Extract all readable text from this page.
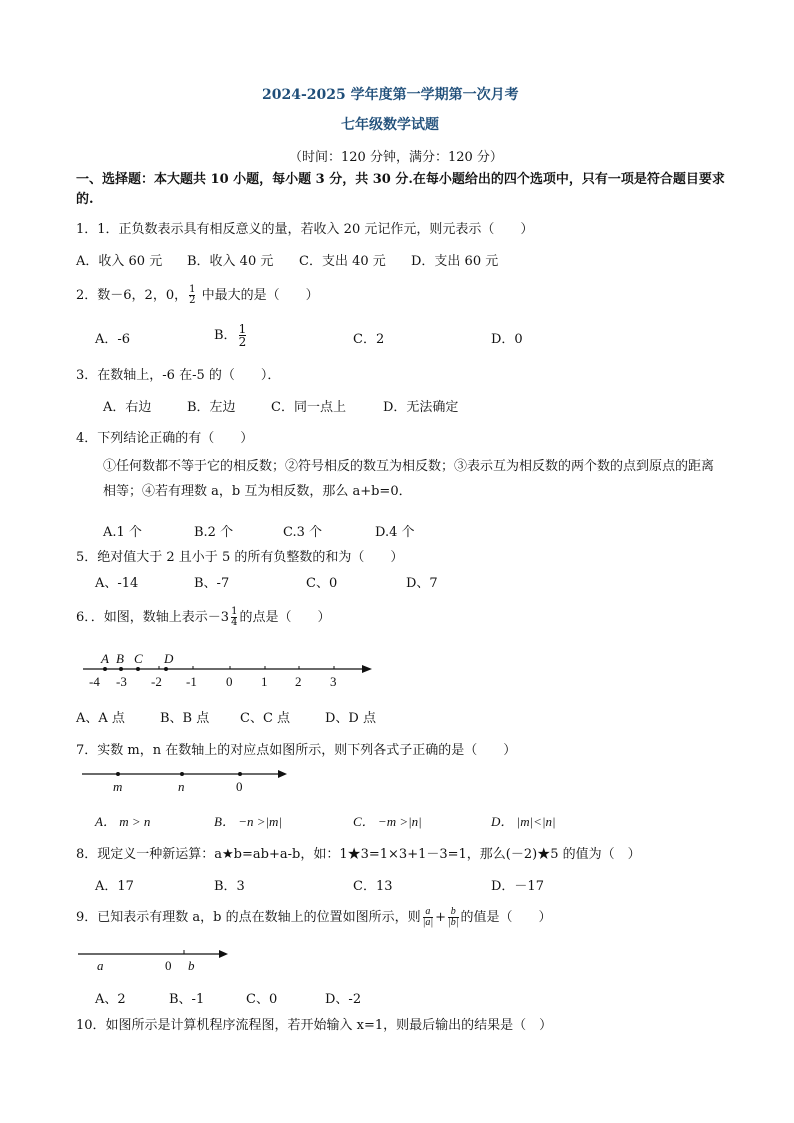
2024-2025 学年度第一学期第一次月考
七年级数学试题
（时间：120 分钟，满分：120 分）
一、选择题：本大题共 10 小题，每小题 3 分，共 30 分.在每小题给出的四个选项中，只有一项是符合题目要求的.
1．1．正负数表示具有相反意义的量，若收入 20 元记作元，则元表示（　　）
A．收入 60 元 B．收入 40 元 C．支出 40 元 D．支出 60 元
2．数－6，2，0， $\frac{1}{2}$ 中最大的是（　　）
A．-6	B． $\frac{1}{2}$	C．2	D．0
3．在数轴上，-6 在-5 的（　　）．
A．右边	B．左边	C．同一点上	D．无法确定
4．下列结论正确的有（　　）
①任何数都不等于它的相反数；②符号相反的数互为相反数；③表示互为相反数的两个数的点到原点的距离相等；④若有理数 a，b 互为相反数，那么 a+b=0．
A.1 个	B.2 个	C.3 个	D.4 个
5．绝对值大于 2 且小于 5 的所有负整数的和为（　　）
A、-14	B、-7	C、0	D、7
6．．如图，数轴上表示$-3 \frac{1}{4}$ 的点是（　　）
A B C D
-4 -3 -2 -1 0 1 2 3
A、A 点	B、B 点 C、C 点	D、D 点
7．实数 m，n 在数轴上的对应点如图所示，则下列各式子正确的是（　　）
m	n	0
A． m > n	B． −n >|m|	C． −m >|n|	D． |m|<|n|
8．现定义一种新运算：a★b=ab+a-b，如：1★3=1×3+1－3=1，那么(－2)★5 的值为（　）
A．17	B．3	C．13	D．－17
9．已知表示有理数 a，b 的点在数轴上的位置如图所示，则 $\frac{a}{|a|} + \frac{b}{|b|}$ 的值是（　　）
a	0 b
A、2	B、-1	C、0	D、-2
10．如图所示是计算机程序流程图，若开始输入 x=1，则最后输出的结果是（　）
